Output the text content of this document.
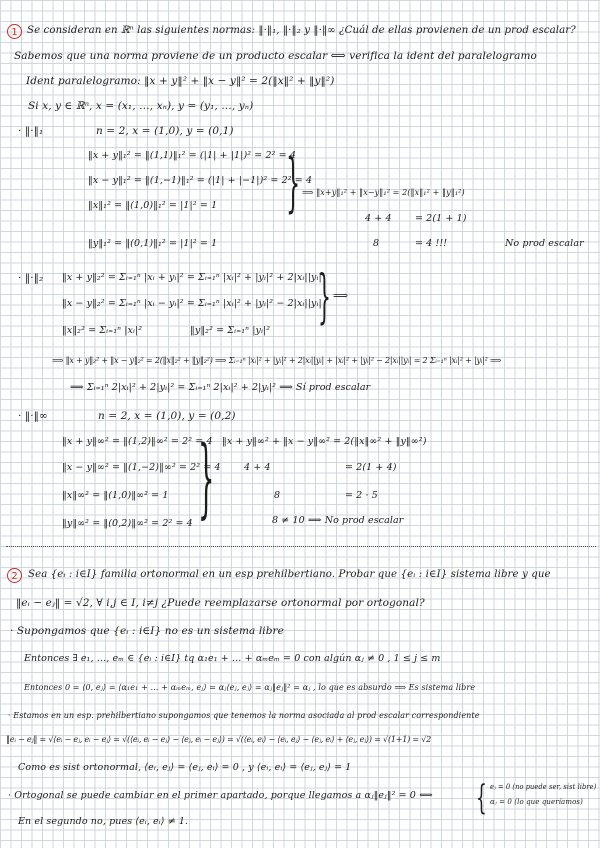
1 Se consideran en ℝⁿ las siguientes normas: ‖·‖₁, ‖·‖₂ y ‖·‖∞ ¿Cuál de ellas provienen de un prod escalar?
Sabemos que una norma proviene de un producto escalar ⟺ verifica la ident del paralelogramo
Ident paralelogramo: ‖x + y‖² + ‖x − y‖² = 2(‖x‖² + ‖y‖²)
Si x, y ∈ ℝⁿ, x = (x₁, …, xₙ), y = (y₁, …, yₙ)
· ‖·‖₁	n = 2, x = (1,0), y = (0,1)
‖x + y‖₁² = ‖(1,1)‖₁² = (|1| + |1|)² = 2² = 4
‖x − y‖₁² = ‖(1,−1)‖₁² = (|1| + |−1|)² = 2² = 4
‖x‖₁² = ‖(1,0)‖₁² = |1|² = 1
‖y‖₁² = ‖(0,1)‖₁² = |1|² = 1
} ⟹ ‖x+y‖₁² + ‖x−y‖₁² = 2(‖x‖₁² + ‖y‖₁²)
4 + 4 = 2(1 + 1)
8	= 4 !!!	No prod escalar
· ‖·‖₂ ‖x + y‖₂² = Σᵢ₌₁ⁿ |xᵢ + yᵢ|² = Σᵢ₌₁ⁿ |xᵢ|² + |yᵢ|² + 2|xᵢ||yᵢ|
‖x − y‖₂² = Σᵢ₌₁ⁿ |xᵢ − yᵢ|² = Σᵢ₌₁ⁿ |xᵢ|² + |yᵢ|² − 2|xᵢ||yᵢ|
‖x‖₂² = Σᵢ₌₁ⁿ |xᵢ|²	‖y‖₂² = Σᵢ₌₁ⁿ |yᵢ|²
} ⟹
⟹ ‖x + y‖₂² + ‖x − y‖₂² = 2(‖x‖₂² + ‖y‖₂²) ⟹ Σᵢ₌₁ⁿ |xᵢ|² + |yᵢ|² + 2|xᵢ||yᵢ| + |xᵢ|² + |yᵢ|² − 2|xᵢ||yᵢ| = 2 Σᵢ₌₁ⁿ |xᵢ|² + |yᵢ|² ⟹
⟹ Σᵢ₌₁ⁿ 2|xᵢ|² + 2|yᵢ|² = Σᵢ₌₁ⁿ 2|xᵢ|² + 2|yᵢ|² ⟹ Sí prod escalar
· ‖·‖∞	n = 2, x = (1,0), y = (0,2)
‖x + y‖∞² = ‖(1,2)‖∞² = 2² = 4
‖x − y‖∞² = ‖(1,−2)‖∞² = 2² = 4
‖x‖∞² = ‖(1,0)‖∞² = 1
‖y‖∞² = ‖(0,2)‖∞² = 2² = 4 } ‖x + y‖∞² + ‖x − y‖∞² = 2(‖x‖∞² + ‖y‖∞²)
4 + 4	= 2(1 + 4)
8	= 2 · 5
8 ≠ 10 ⟹ No prod escalar
2	Sea {eᵢ : i∈I} familia ortonormal en un esp prehilbertiano. Probar que {eᵢ : i∈I} sistema libre y que
‖eᵢ − eⱼ‖ = √2, ∀ i,j ∈ I, i≠j ¿Puede reemplazarse ortonormal por ortogonal?
· Supongamos que {eᵢ : i∈I} no es un sistema libre
Entonces ∃ e₁, …, eₘ ∈ {eᵢ : i∈I} tq α₁e₁ + … + αₘeₘ = 0 con algún αⱼ ≠ 0 , 1 ≤ j ≤ m
Entonces 0 = ⟨0, eⱼ⟩ = ⟨α₁e₁ + … + αₘeₘ, eⱼ⟩ = αⱼ⟨eⱼ, eⱼ⟩ = αⱼ‖eⱼ‖² = αⱼ , lo que es absurdo ⟹ Es sistema libre
· Estamos en un esp. prehilbertiano supongamos que tenemos la norma asociada al prod escalar correspondiente
‖eᵢ − eⱼ‖ = √⟨eᵢ − eⱼ, eᵢ − eⱼ⟩ = √(⟨eᵢ, eᵢ − eⱼ⟩ − ⟨eⱼ, eᵢ − eⱼ⟩) = √(⟨eᵢ, eᵢ⟩ − ⟨eᵢ, eⱼ⟩ − ⟨eⱼ, eᵢ⟩ + ⟨eⱼ, eⱼ⟩) = √(1+1) = √2
Como es sist ortonormal, ⟨eᵢ, eⱼ⟩ = ⟨eⱼ, eᵢ⟩ = 0 , y ⟨eᵢ, eᵢ⟩ = ⟨eⱼ, eⱼ⟩ = 1
· Ortogonal se puede cambiar en el primer apartado, porque llegamos a αⱼ‖eⱼ‖² = 0 ⟺ { eⱼ = 0 (no puede ser, sist libre)
αⱼ = 0 (lo que queríamos)
En el segundo no, pues ⟨eᵢ, eᵢ⟩ ≠ 1.
